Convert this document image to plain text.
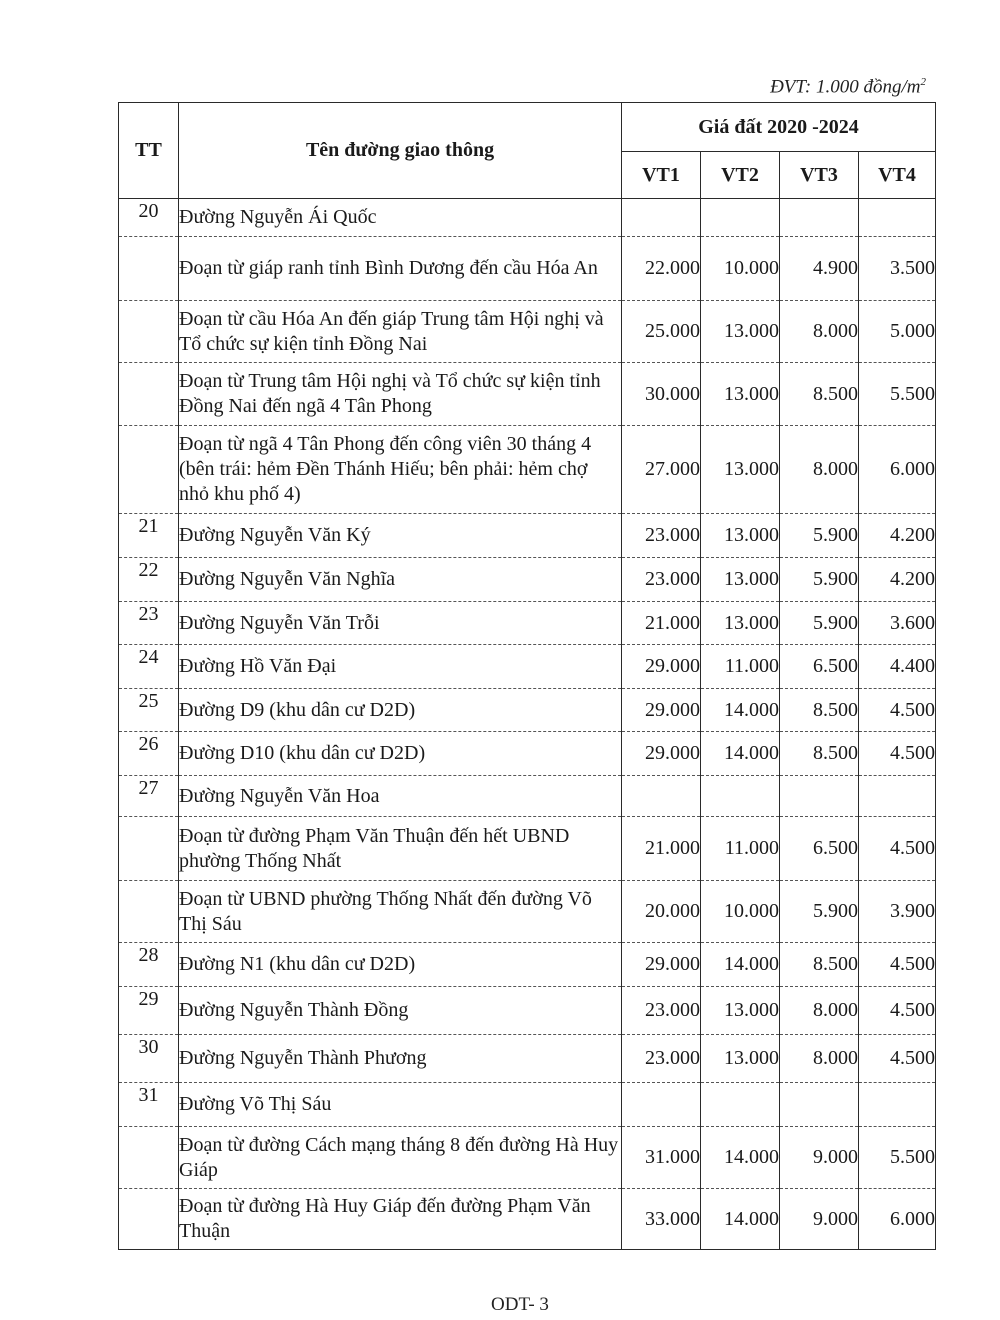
ĐVT: 1.000 đồng/$m^2$
TT	Tên đường giao thông	Giá đất 2020 -2024			
		VT1	VT2	VT3	VT4
20	Đường Nguyễn Ái Quốc				
	Đoạn từ giáp ranh tỉnh Bình Dương đến cầu Hóa An	22.000	10.000	4.900	3.500
	Đoạn từ cầu Hóa An đến giáp Trung tâm Hội nghị và Tổ chức sự kiện tỉnh Đồng Nai	25.000	13.000	8.000	5.000
	Đoạn từ Trung tâm Hội nghị và Tổ chức sự kiện tỉnh Đồng Nai đến ngã 4 Tân Phong	30.000	13.000	8.500	5.500
	Đoạn từ ngã 4 Tân Phong đến công viên 30 tháng 4 (bên trái: hẻm Đền Thánh Hiếu; bên phải: hẻm chợ nhỏ khu phố 4)	27.000	13.000	8.000	6.000
21	Đường Nguyễn Văn Ký	23.000	13.000	5.900	4.200
22	Đường Nguyễn Văn Nghĩa	23.000	13.000	5.900	4.200
23	Đường Nguyễn Văn Trỗi	21.000	13.000	5.900	3.600
24	Đường Hồ Văn Đại	29.000	11.000	6.500	4.400
25	Đường D9 (khu dân cư D2D)	29.000	14.000	8.500	4.500
26	Đường D10 (khu dân cư D2D)	29.000	14.000	8.500	4.500
27	Đường Nguyễn Văn Hoa				
	Đoạn từ đường Phạm Văn Thuận đến hết UBND phường Thống Nhất	21.000	11.000	6.500	4.500
	Đoạn từ UBND phường Thống Nhất đến đường Võ Thị Sáu	20.000	10.000	5.900	3.900
28	Đường N1 (khu dân cư D2D)	29.000	14.000	8.500	4.500
29	Đường Nguyễn Thành Đồng	23.000	13.000	8.000	4.500
30	Đường Nguyễn Thành Phương	23.000	13.000	8.000	4.500
31	Đường Võ Thị Sáu				
	Đoạn từ đường Cách mạng tháng 8 đến đường Hà Huy Giáp	31.000	14.000	9.000	5.500
	Đoạn từ đường Hà Huy Giáp đến đường Phạm Văn Thuận	33.000	14.000	9.000	6.000
ODT- 3
